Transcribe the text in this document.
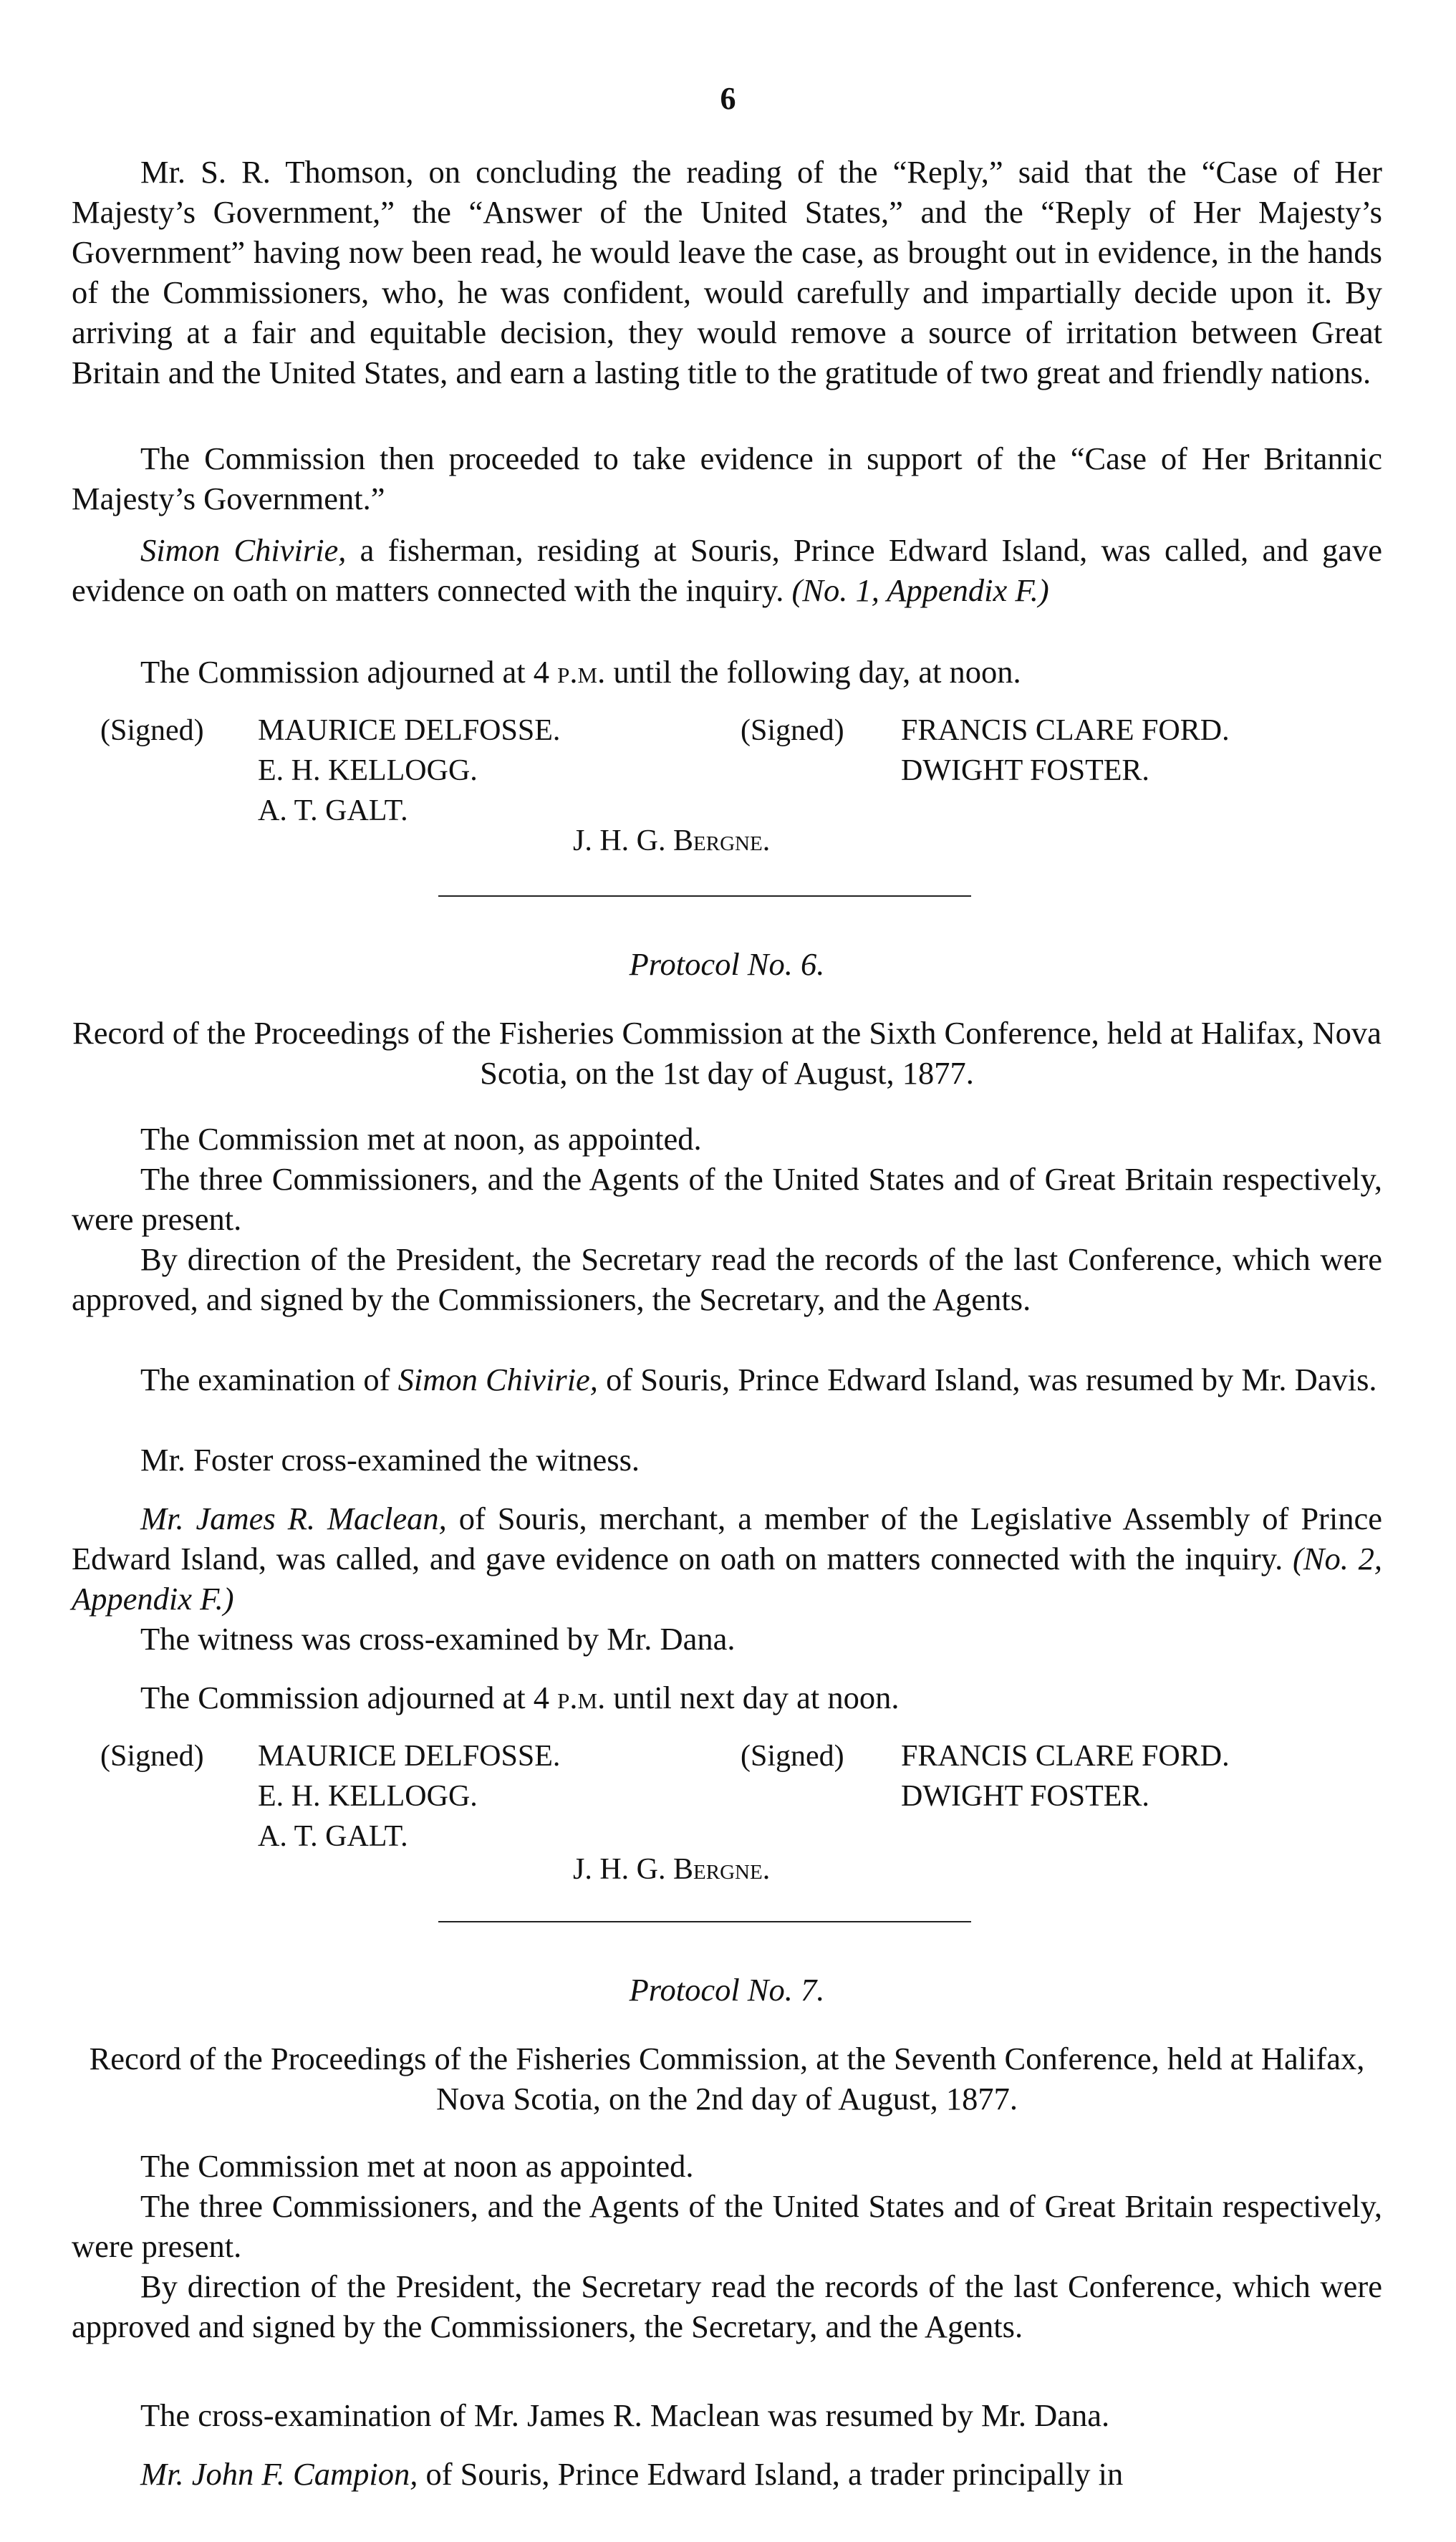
6
Mr. S. R. Thomson, on concluding the reading of the “Reply,” said that the “Case of Her Majesty’s Government,” the “Answer of the United States,” and the “Reply of Her Majesty’s Government” having now been read, he would leave the case, as brought out in evidence, in the hands of the Commissioners, who, he was confident, would carefully and impartially decide upon it. By arriving at a fair and equitable decision, they would remove a source of irritation between Great Britain and the United States, and earn a lasting title to the gratitude of two great and friendly nations.
The Commission then proceeded to take evidence in support of the “Case of Her Britannic Majesty’s Government.”
Simon Chivirie, a fisherman, residing at Souris, Prince Edward Island, was called, and gave evidence on oath on matters connected with the inquiry. (No. 1, Appendix F.)
The Commission adjourned at 4 p.m. until the following day, at noon.
(Signed) MAURICE DELFOSSE.
E. H. KELLOGG.
A. T. GALT.
(Signed) FRANCIS CLARE FORD.
DWIGHT FOSTER.
J. H. G. Bergne.
Protocol No. 6.
Record of the Proceedings of the Fisheries Commission at the Sixth Conference, held at Halifax, Nova Scotia, on the 1st day of August, 1877.
The Commission met at noon, as appointed.
The three Commissioners, and the Agents of the United States and of Great Britain respectively, were present.
By direction of the President, the Secretary read the records of the last Conference, which were approved, and signed by the Commissioners, the Secretary, and the Agents.
The examination of Simon Chivirie, of Souris, Prince Edward Island, was resumed by Mr. Davis.
Mr. Foster cross-examined the witness.
Mr. James R. Maclean, of Souris, merchant, a member of the Legislative Assembly of Prince Edward Island, was called, and gave evidence on oath on matters connected with the inquiry. (No. 2, Appendix F.)
The witness was cross-examined by Mr. Dana.
The Commission adjourned at 4 p.m. until next day at noon.
(Signed) MAURICE DELFOSSE.
E. H. KELLOGG.
A. T. GALT.
(Signed) FRANCIS CLARE FORD.
DWIGHT FOSTER.
J. H. G. Bergne.
Protocol No. 7.
Record of the Proceedings of the Fisheries Commission, at the Seventh Conference, held at Halifax, Nova Scotia, on the 2nd day of August, 1877.
The Commission met at noon as appointed.
The three Commissioners, and the Agents of the United States and of Great Britain respectively, were present.
By direction of the President, the Secretary read the records of the last Conference, which were approved and signed by the Commissioners, the Secretary, and the Agents.
The cross-examination of Mr. James R. Maclean was resumed by Mr. Dana.
Mr. John F. Campion, of Souris, Prince Edward Island, a trader principally in
